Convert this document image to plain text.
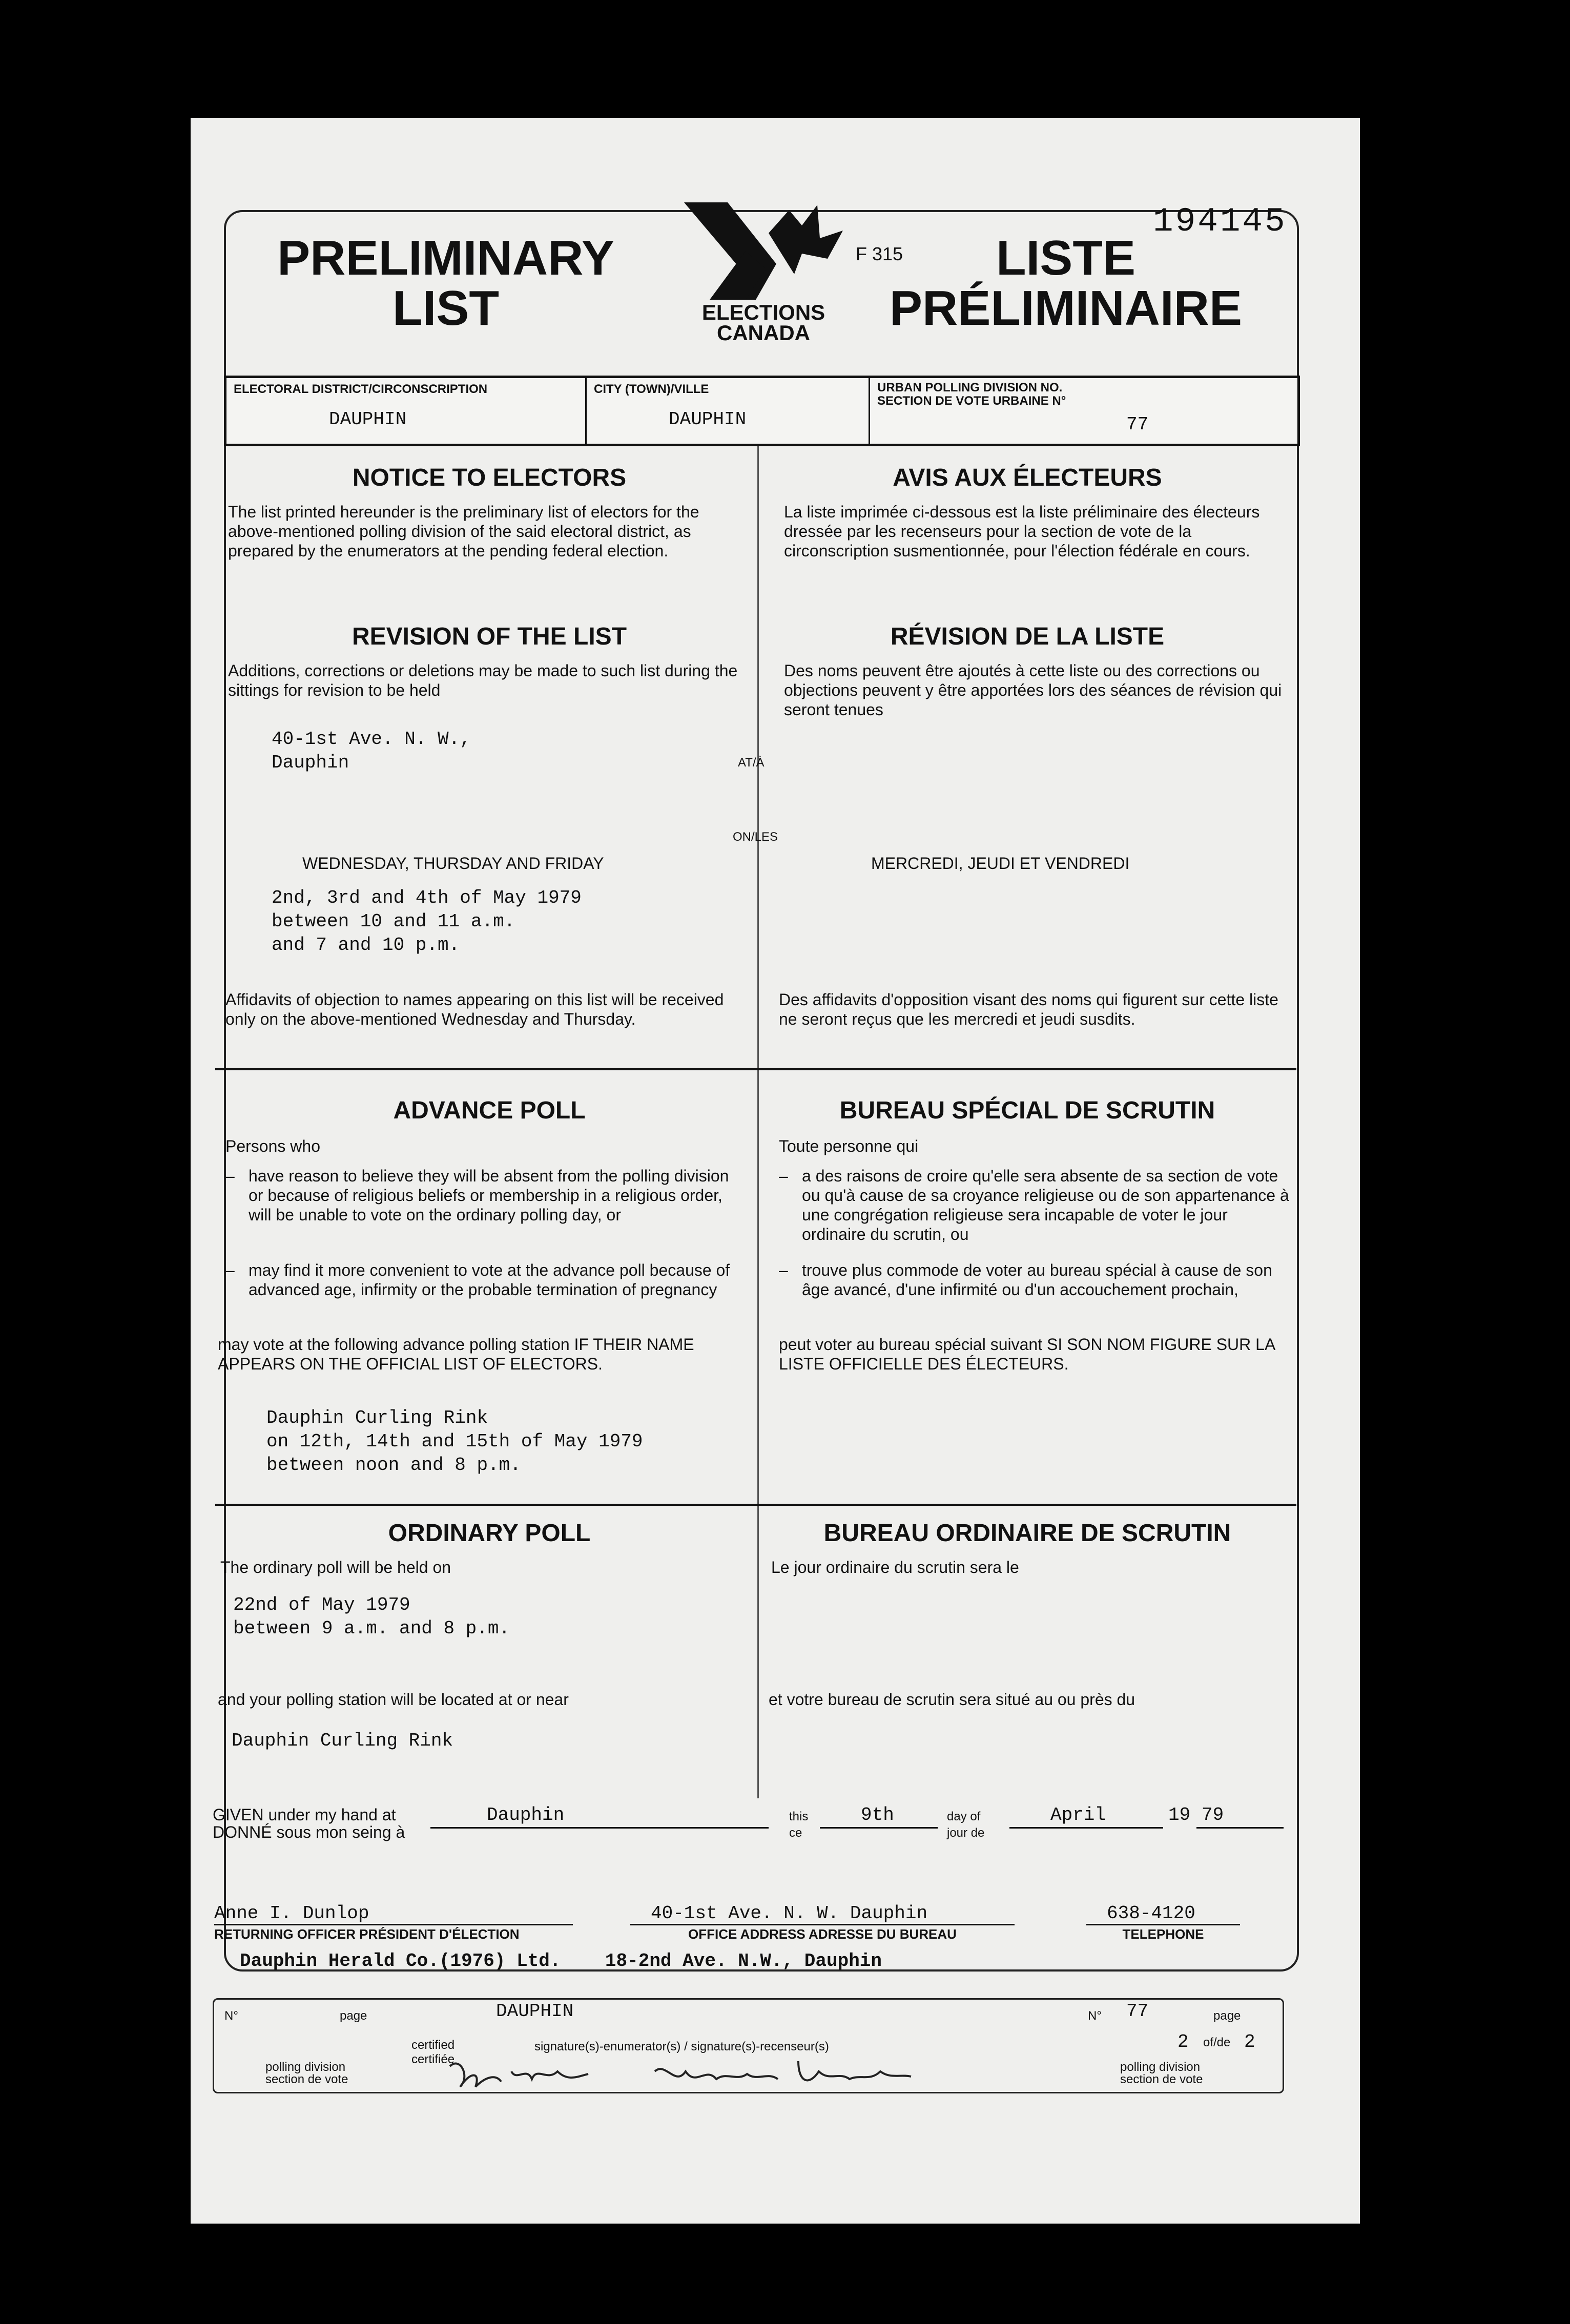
194145
PRELIMINARY
LIST	ELECTIONS
CANADA
F 315	LISTE
PRÉLIMINAIRE
ELECTORAL DISTRICT/CIRCONSCRIPTION
DAUPHIN
CITY (TOWN)/VILLE
DAUPHIN
URBAN POLLING DIVISION NO.
SECTION DE VOTE URBAINE N°
77
NOTICE TO ELECTORS	AVIS AUX ÉLECTEURS
The list printed hereunder is the preliminary list of electors for the above-mentioned polling division of the said electoral district, as prepared by the enumerators at the pending federal election.
La liste imprimée ci-dessous est la liste préliminaire des électeurs dressée par les recenseurs pour la section de vote de la circonscription susmentionnée, pour l'élection fédérale en cours.
REVISION OF THE LIST	RÉVISION DE LA LISTE
Additions, corrections or deletions may be made to such list during the sittings for revision to be held
Des noms peuvent être ajoutés à cette liste ou des corrections ou objections peuvent y être apportées lors des séances de révision qui seront tenues
40-1st Ave. N. W.,
Dauphin	AT/À
ON/LES
WEDNESDAY, THURSDAY AND FRIDAY	MERCREDI, JEUDI ET VENDREDI
2nd, 3rd and 4th of May 1979
between 10 and 11 a.m.
and 7 and 10 p.m.
Affidavits of objection to names appearing on this list will be received only on the above-mentioned Wednesday and Thursday.
Des affidavits d'opposition visant des noms qui figurent sur cette liste ne seront reçus que les mercredi et jeudi susdits.
ADVANCE POLL	BUREAU SPÉCIAL DE SCRUTIN
Persons who	Toute personne qui
– have reason to believe they will be absent from the polling division or because of religious beliefs or membership in a religious order, will be unable to vote on the ordinary polling day, or
– may find it more convenient to vote at the advance poll because of advanced age, infirmity or the probable termination of pregnancy
– a des raisons de croire qu'elle sera absente de sa section de vote ou qu'à cause de sa croyance religieuse ou de son appartenance à une congrégation religieuse sera incapable de voter le jour ordinaire du scrutin, ou
– trouve plus commode de voter au bureau spécial à cause de son âge avancé, d'une infirmité ou d'un accouchement prochain,
may vote at the following advance polling station IF THEIR NAME APPEARS ON THE OFFICIAL LIST OF ELECTORS.
peut voter au bureau spécial suivant SI SON NOM FIGURE SUR LA LISTE OFFICIELLE DES ÉLECTEURS.
Dauphin Curling Rink
on 12th, 14th and 15th of May 1979
between noon and 8 p.m.
ORDINARY POLL	BUREAU ORDINAIRE DE SCRUTIN
The ordinary poll will be held on	Le jour ordinaire du scrutin sera le
22nd of May 1979
between 9 a.m. and 8 p.m.
and your polling station will be located at or near	et votre bureau de scrutin sera situé au ou près du
Dauphin Curling Rink
GIVEN under my hand at
DONNÉ sous mon seing à
Dauphin	this
ce
9th	day of
jour de
April	19 79
Anne I. Dunlop
RETURNING OFFICER PRÉSIDENT D'ÉLECTION
40-1st Ave. N. W. Dauphin
OFFICE ADDRESS ADRESSE DU BUREAU
638-4120
TELEPHONE
Dauphin Herald Co.(1976) Ltd.    18-2nd Ave. N.W., Dauphin
N°	page	DAUPHIN
certified
certifiée
polling division
section de vote
signature(s)-enumerator(s) / signature(s)-recenseur(s)
N° 77	page
2 of/de 2
polling division
section de vote
